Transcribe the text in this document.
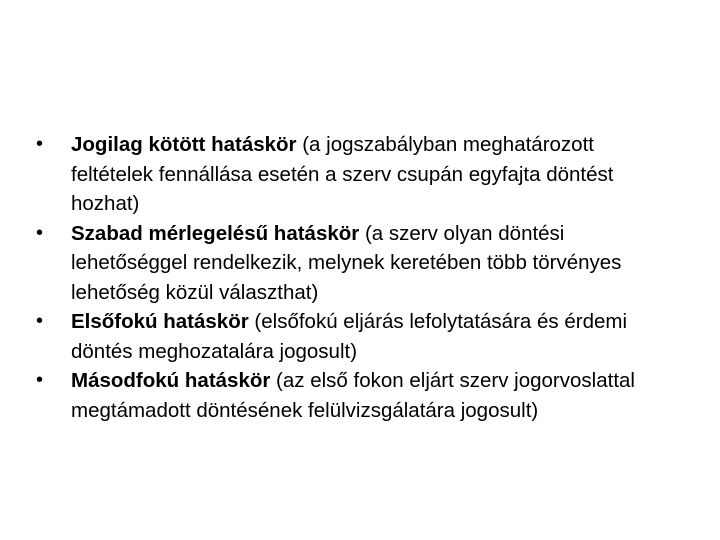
•	Jogilag kötött hatáskör (a jogszabályban meghatározott feltételek fennállása esetén a szerv csupán egyfajta döntést hozhat)
•	Szabad mérlegelésű hatáskör (a szerv olyan döntési lehetőséggel rendelkezik, melynek keretében több törvényes lehetőség közül választhat)
•	Elsőfokú hatáskör (elsőfokú eljárás lefolytatására és érdemi döntés meghozatalára jogosult)
•	Másodfokú hatáskör (az első fokon eljárt szerv jogorvoslattal megtámadott döntésének felülvizsgálatára jogosult)
